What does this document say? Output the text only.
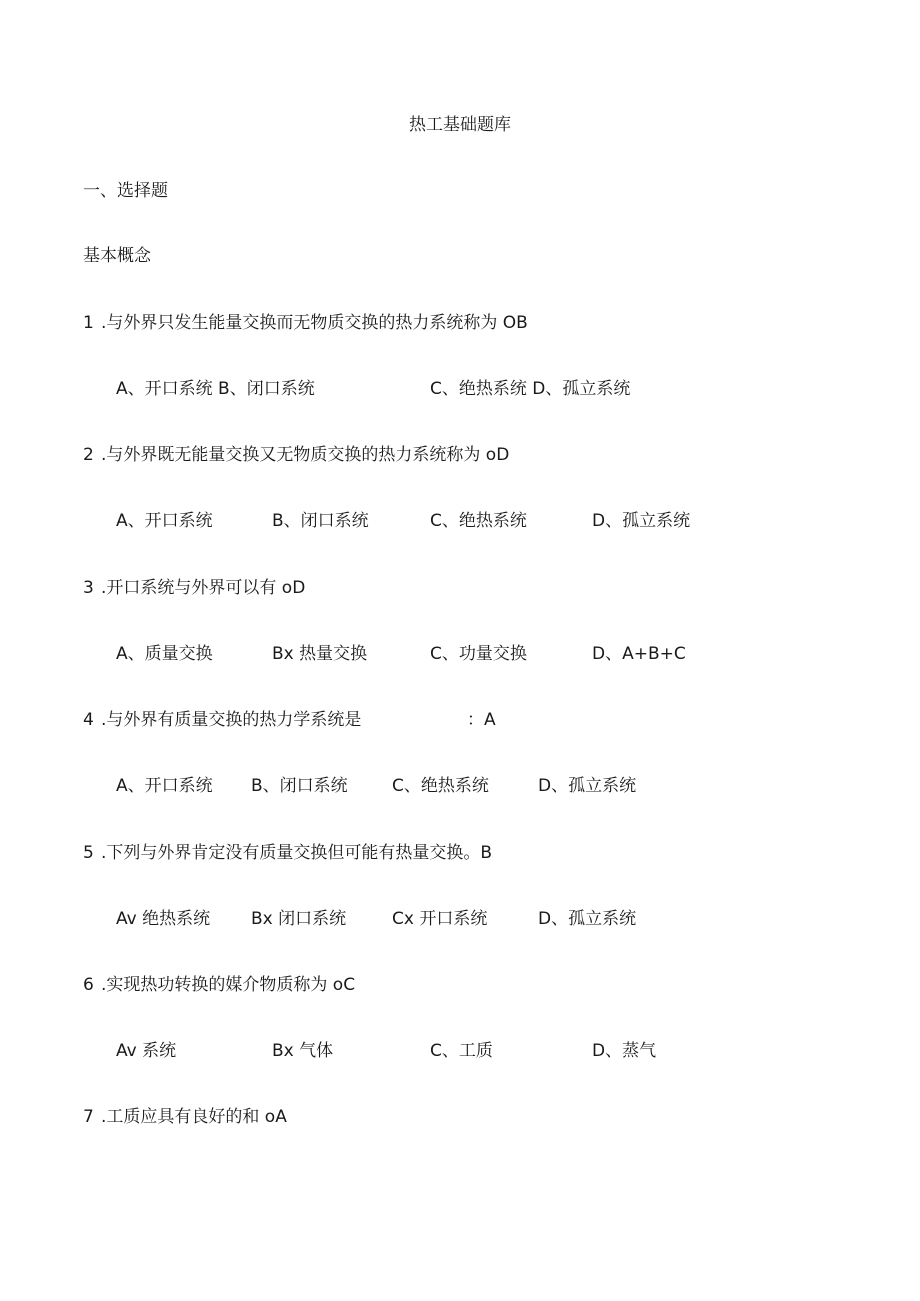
热工基础题库
一、选择题
基本概念
1 .与外界只发生能量交换而无物质交换的热力系统称为 OB
A、开口系统 B、闭口系统	C、绝热系统 D、孤立系统
2 .与外界既无能量交换又无物质交换的热力系统称为 oD
A、开口系统	B、闭口系统	C、绝热系统	D、孤立系统
3 .开口系统与外界可以有 oD
A、质量交换	Bx 热量交换	C、功量交换	D、A+B+C
4 .与外界有质量交换的热力学系统是	：A
A、开口系统 B、闭口系统	C、绝热系统	D、孤立系统
5 .下列与外界肯定没有质量交换但可能有热量交换。B
Av 绝热系统 Bx 闭口系统	Cx 开口系统	D、孤立系统
6 .实现热功转换的媒介物质称为 oC
Av 系统	Bx 气体	C、工质	D、蒸气
7 .工质应具有良好的和 oA
